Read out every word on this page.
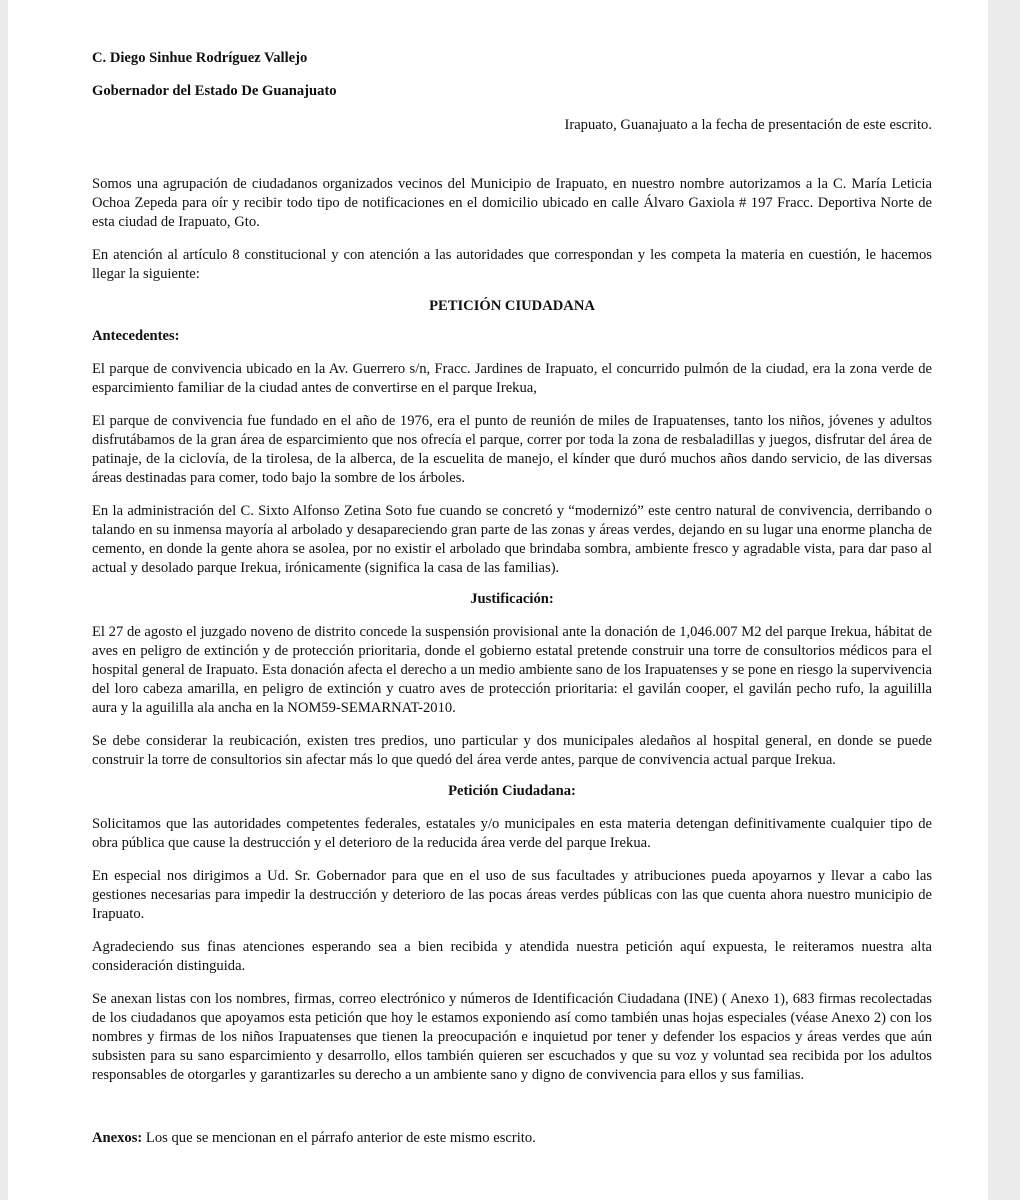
C. Diego Sinhue Rodríguez Vallejo

Gobernador del Estado De Guanajuato

Irapuato, Guanajuato a la fecha de presentación de este escrito.

Somos una agrupación de ciudadanos organizados vecinos del Municipio de Irapuato, en nuestro nombre autorizamos a la C. María Leticia Ochoa Zepeda para oír y recibir todo tipo de notificaciones en el domicilio ubicado en calle Álvaro Gaxiola # 197 Fracc. Deportiva Norte de esta ciudad de Irapuato, Gto.

En atención al artículo 8 constitucional y con atención a las autoridades que correspondan y les competa la materia en cuestión, le hacemos llegar la siguiente:

PETICIÓN CIUDADANA

Antecedentes:

El parque de convivencia ubicado en la Av. Guerrero s/n, Fracc. Jardines de Irapuato, el concurrido pulmón de la ciudad, era la zona verde de esparcimiento familiar de la ciudad antes de convertirse en el parque Irekua,

El parque de convivencia fue fundado en el año de 1976, era el punto de reunión de miles de Irapuatenses, tanto los niños, jóvenes y adultos disfrutábamos de la gran área de esparcimiento que nos ofrecía el parque, correr por toda la zona de resbaladillas y juegos, disfrutar del área de patinaje, de la ciclovía, de la tirolesa, de la alberca, de la escuelita de manejo, el kínder que duró muchos años dando servicio, de las diversas áreas destinadas para comer, todo bajo la sombre de los árboles.

En la administración del C. Sixto Alfonso Zetina Soto fue cuando se concretó y “modernizó” este centro natural de convivencia, derribando o talando en su inmensa mayoría al arbolado y desapareciendo gran parte de las zonas y áreas verdes, dejando en su lugar una enorme plancha de cemento, en donde la gente ahora se asolea, por no existir el arbolado que brindaba sombra, ambiente fresco y agradable vista, para dar paso al actual y desolado parque Irekua, irónicamente (significa la casa de las familias).

Justificación:

El 27 de agosto el juzgado noveno de distrito concede la suspensión provisional ante la donación de 1,046.007 M2 del parque Irekua, hábitat de aves en peligro de extinción y de protección prioritaria, donde el gobierno estatal pretende construir una torre de consultorios médicos para el hospital general de Irapuato. Esta donación afecta el derecho a un medio ambiente sano de los Irapuatenses y se pone en riesgo la supervivencia del loro cabeza amarilla, en peligro de extinción y cuatro aves de protección prioritaria: el gavilán cooper, el gavilán pecho rufo, la aguililla aura y la aguililla ala ancha en la NOM59-SEMARNAT-2010.

Se debe considerar la reubicación, existen tres predios, uno particular y dos municipales aledaños al hospital general, en donde se puede construir la torre de consultorios sin afectar más lo que quedó del área verde antes, parque de convivencia actual parque Irekua.

Petición Ciudadana:

Solicitamos que las autoridades competentes federales, estatales y/o municipales en esta materia detengan definitivamente cualquier tipo de obra pública que cause la destrucción y el deterioro de la reducida área verde del parque Irekua.

En especial nos dirigimos a Ud. Sr. Gobernador para que en el uso de sus facultades y atribuciones pueda apoyarnos y llevar a cabo las gestiones necesarias para impedir la destrucción y deterioro de las pocas áreas verdes públicas con las que cuenta ahora nuestro municipio de Irapuato.

Agradeciendo sus finas atenciones esperando sea a bien recibida y atendida nuestra petición aquí expuesta, le reiteramos nuestra alta consideración distinguida.

Se anexan listas con los nombres, firmas, correo electrónico y números de Identificación Ciudadana (INE) ( Anexo 1), 683 firmas recolectadas de los ciudadanos que apoyamos esta petición que hoy le estamos exponiendo así como también unas hojas especiales (véase Anexo 2) con los nombres y firmas de los niños Irapuatenses que tienen la preocupación e inquietud por tener y defender los espacios y áreas verdes que aún subsisten para su sano esparcimiento y desarrollo, ellos también quieren ser escuchados y que su voz y voluntad sea recibida por los adultos responsables de otorgarles y garantizarles su derecho a un ambiente sano y digno de convivencia para ellos y sus familias.

Anexos: Los que se mencionan en el párrafo anterior de este mismo escrito.
